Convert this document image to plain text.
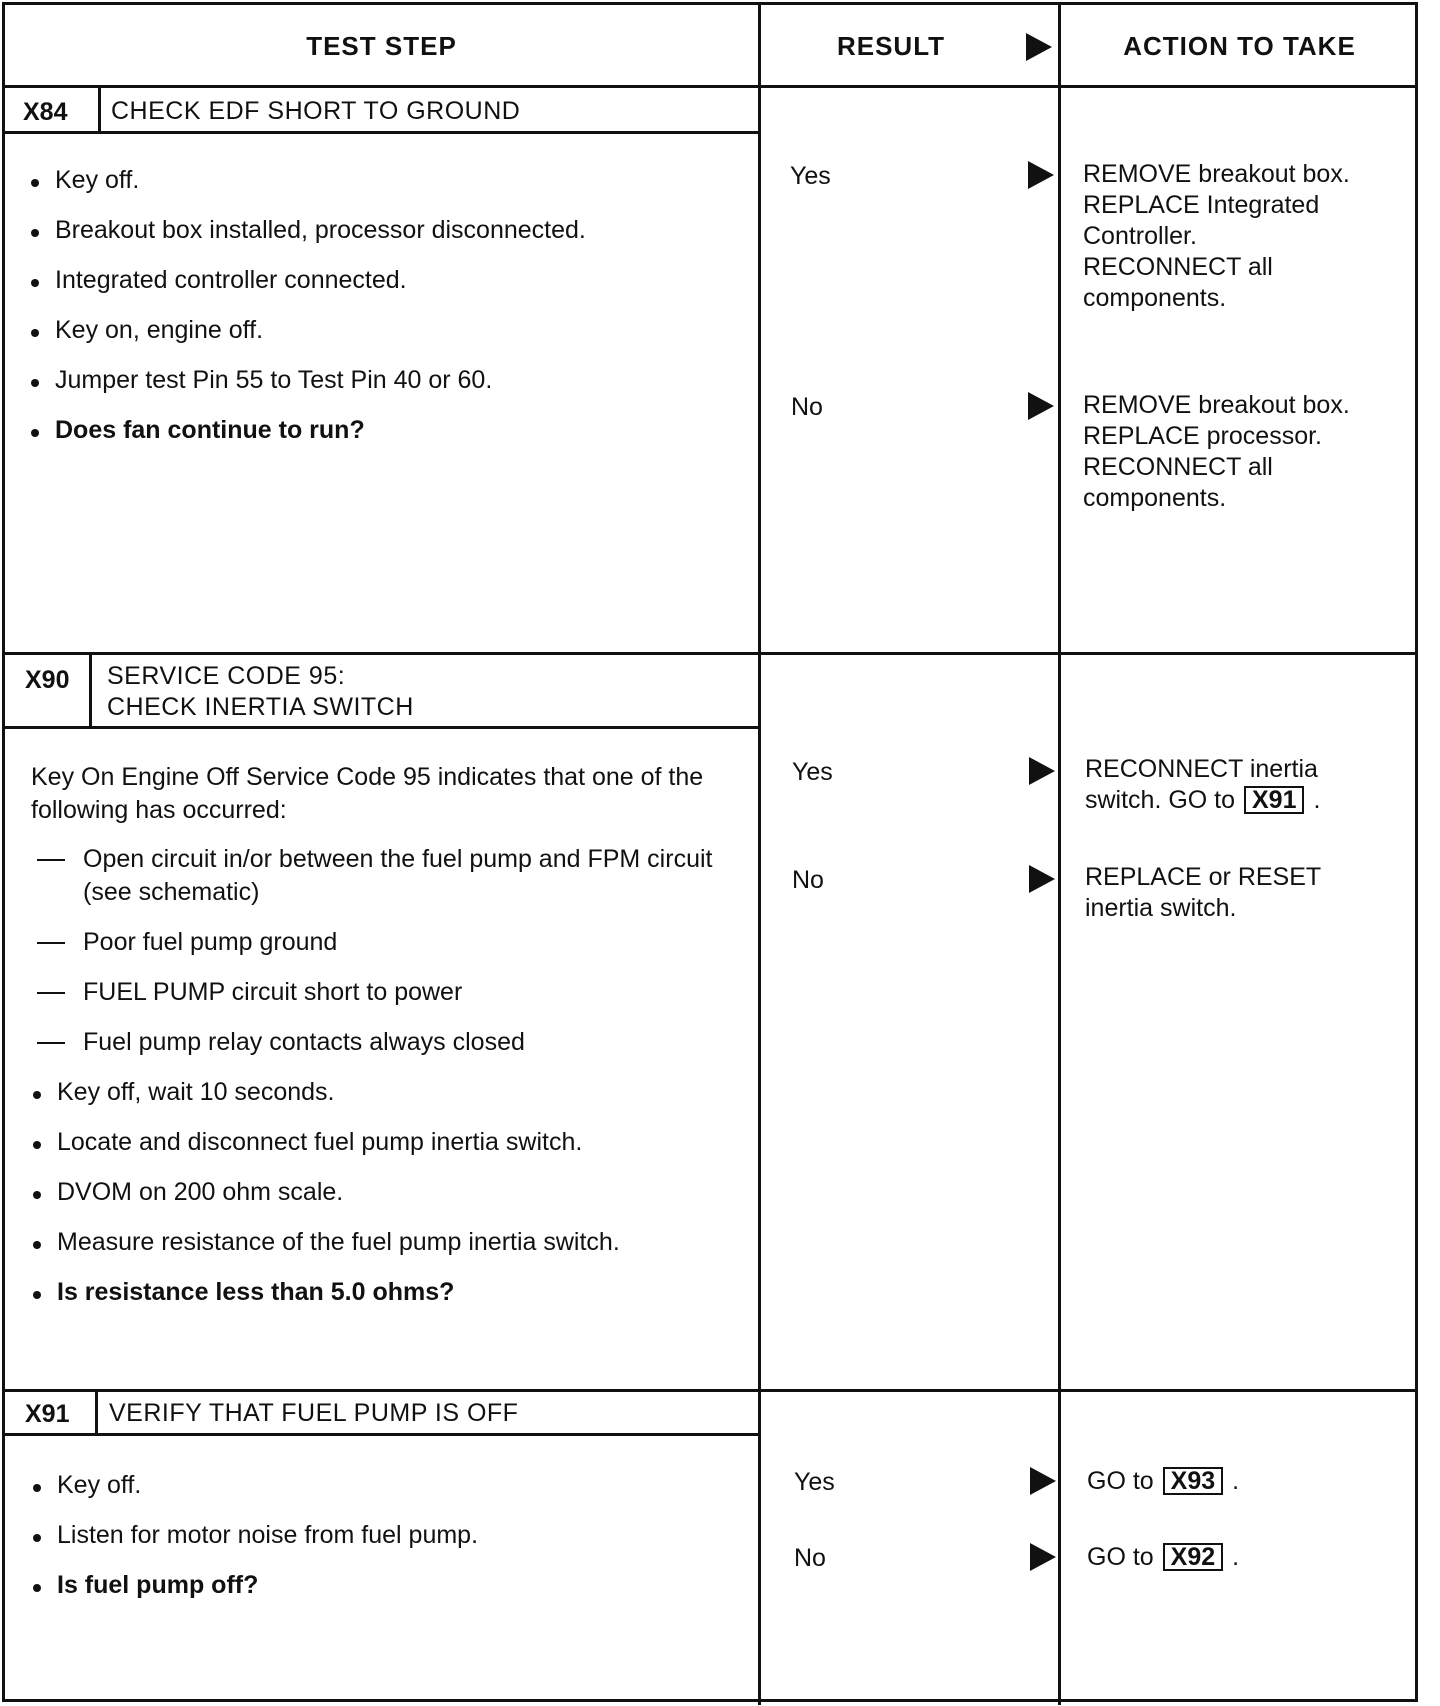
TEST STEP	RESULT	ACTION TO TAKE
X84 CHECK EDF SHORT TO GROUND
Key off.
Breakout box installed, processor disconnected.
Integrated controller connected.
Key on, engine off.
Jumper test Pin 55 to Test Pin 40 or 60.
Does fan continue to run?
Yes	REMOVE breakout box.
REPLACE Integrated
Controller.
RECONNECT all
components.
No	REMOVE breakout box.
REPLACE processor.
RECONNECT all
components.
X90 SERVICE CODE 95:
CHECK INERTIA SWITCH
Key On Engine Off Service Code 95 indicates that one of the following has occurred:
Open circuit in/or between the fuel pump and FPM circuit (see schematic)
Poor fuel pump ground
FUEL PUMP circuit short to power
Fuel pump relay contacts always closed
Key off, wait 10 seconds.
Locate and disconnect fuel pump inertia switch.
DVOM on 200 ohm scale.
Measure resistance of the fuel pump inertia switch.
Is resistance less than 5.0 ohms?
Yes	RECONNECT inertia
switch. GO to X91 .
No	REPLACE or RESET
inertia switch.
X91 VERIFY THAT FUEL PUMP IS OFF
Key off.
Listen for motor noise from fuel pump.
Is fuel pump off?
Yes	GO to X93 .
No	GO to X92 .
